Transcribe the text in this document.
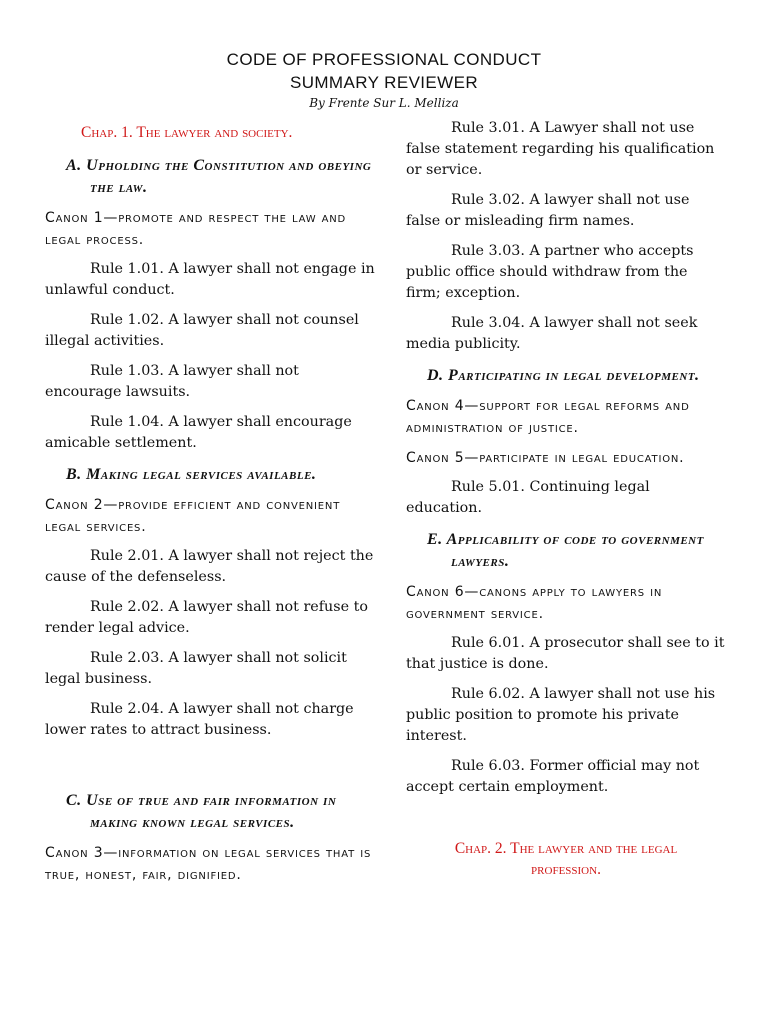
CODE OF PROFESSIONAL CONDUCT
SUMMARY REVIEWER
By Frente Sur L. Melliza
Chap. 1. The lawyer and society.
A. Upholding the Constitution and obeying the law.
Canon 1—promote and respect the law and legal process.
Rule 1.01. A lawyer shall not engage in unlawful conduct.
Rule 1.02. A lawyer shall not counsel illegal activities.
Rule 1.03. A lawyer shall not encourage lawsuits.
Rule 1.04. A lawyer shall encourage amicable settlement.
B. Making legal services available.
Canon 2—provide efficient and convenient legal services.
Rule 2.01. A lawyer shall not reject the cause of the defenseless.
Rule 2.02. A lawyer shall not refuse to render legal advice.
Rule 2.03. A lawyer shall not solicit legal business.
Rule 2.04. A lawyer shall not charge lower rates to attract business.
C. Use of true and fair information in making known legal services.
Canon 3—information on legal services that is true, honest, fair, dignified.
Rule 3.01. A Lawyer shall not use false statement regarding his qualification or service.
Rule 3.02. A lawyer shall not use false or misleading firm names.
Rule 3.03. A partner who accepts public office should withdraw from the firm; exception.
Rule 3.04. A lawyer shall not seek media publicity.
D. Participating in legal development.
Canon 4—support for legal reforms and administration of justice.
Canon 5—participate in legal education.
Rule 5.01. Continuing legal education.
E. Applicability of code to government lawyers.
Canon 6—canons apply to lawyers in government service.
Rule 6.01. A prosecutor shall see to it that justice is done.
Rule 6.02. A lawyer shall not use his public position to promote his private interest.
Rule 6.03. Former official may not accept certain employment.
Chap. 2. The lawyer and the legal profession.
